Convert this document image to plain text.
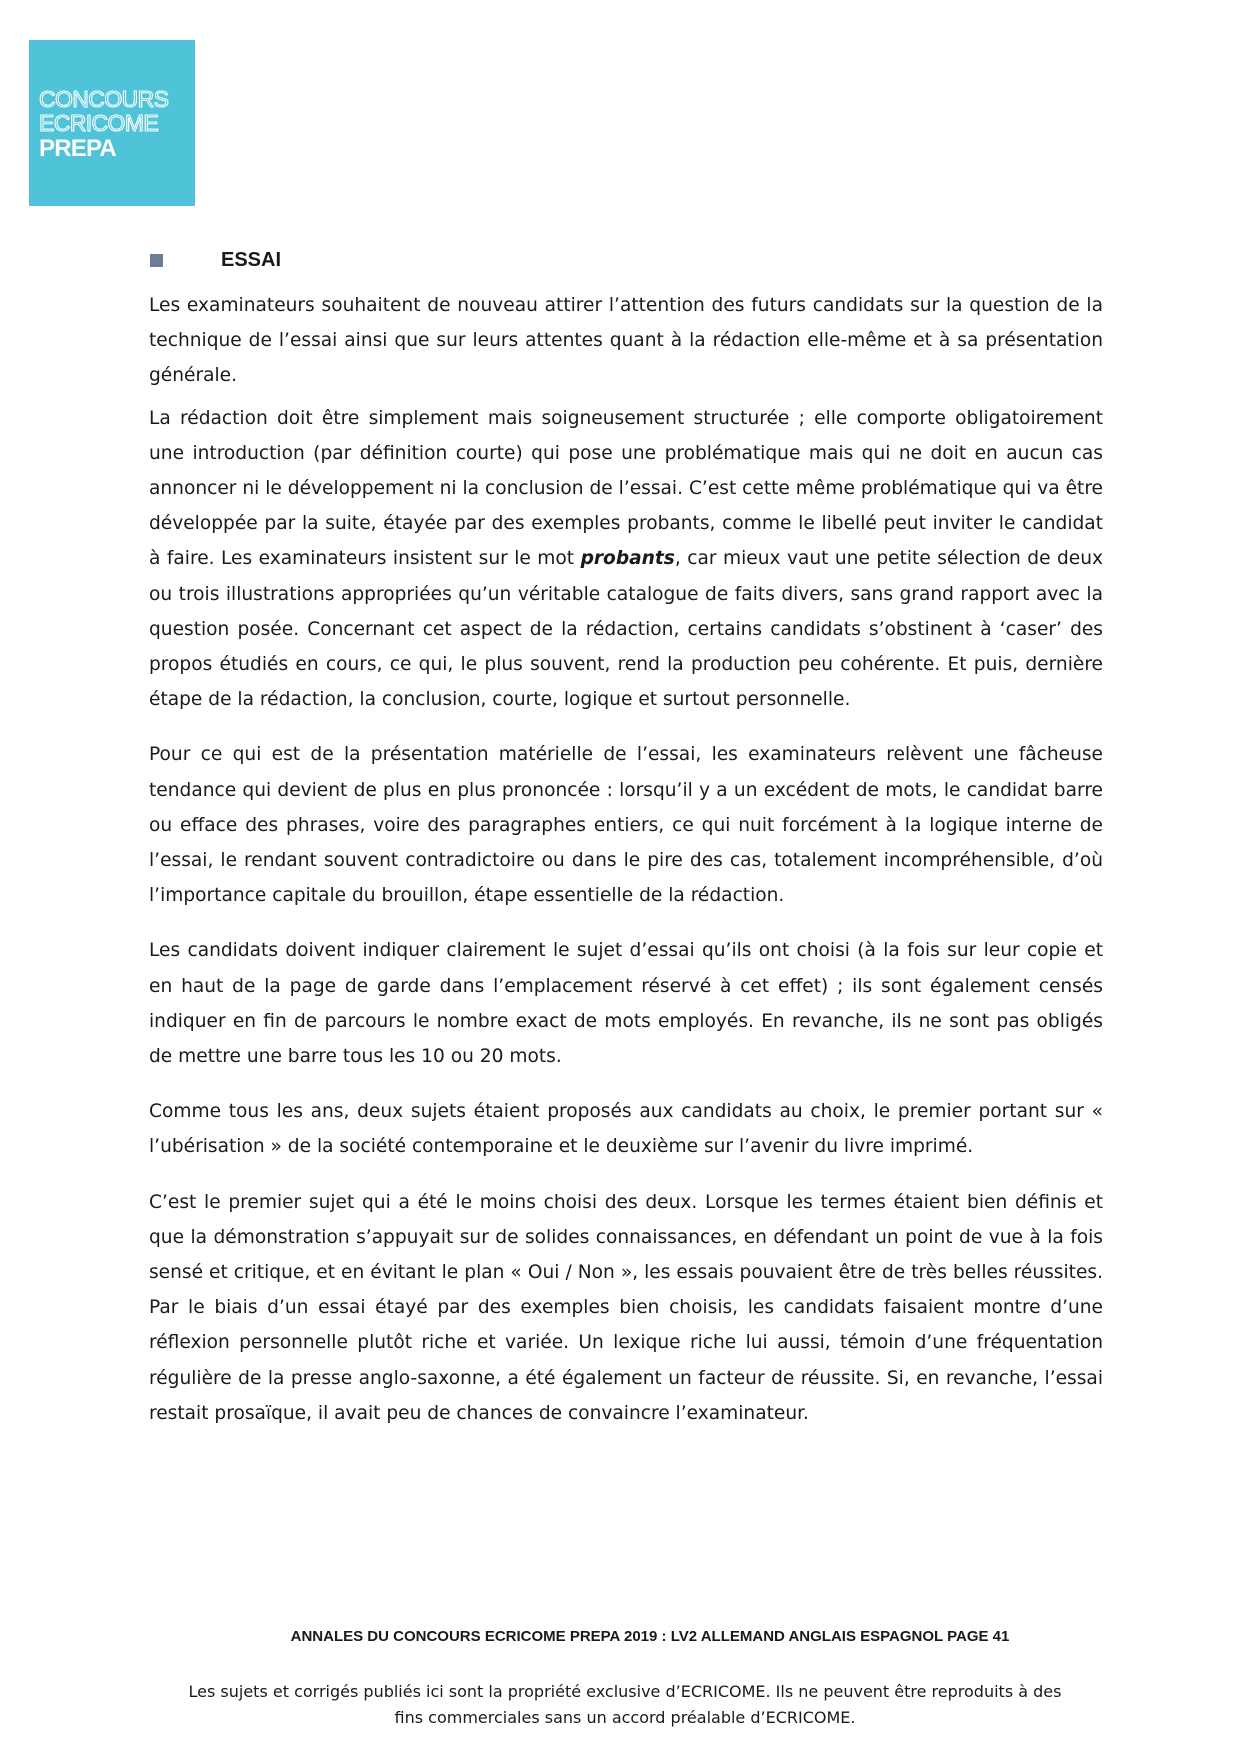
CONCOURS
ECRICOME
PREPA
ESSAI

Les examinateurs souhaitent de nouveau attirer l’attention des futurs candidats sur la question de la technique de l’essai ainsi que sur leurs attentes quant à la rédaction elle-même et à sa présentation générale.

La rédaction doit être simplement mais soigneusement structurée ; elle comporte obligatoirement une introduction (par définition courte) qui pose une problématique mais qui ne doit en aucun cas annoncer ni le développement ni la conclusion de l’essai. C’est cette même problématique qui va être développée par la suite, étayée par des exemples probants, comme le libellé peut inviter le candidat à faire. Les examinateurs insistent sur le mot probants, car mieux vaut une petite sélection de deux ou trois illustrations appropriées qu’un véritable catalogue de faits divers, sans grand rapport avec la question posée. Concernant cet aspect de la rédaction, certains candidats s’obstinent à ‘caser’ des propos étudiés en cours, ce qui, le plus souvent, rend la production peu cohérente. Et puis, dernière étape de la rédaction, la conclusion, courte, logique et surtout personnelle.

Pour ce qui est de la présentation matérielle de l’essai, les examinateurs relèvent une fâcheuse tendance qui devient de plus en plus prononcée : lorsqu’il y a un excédent de mots, le candidat barre ou efface des phrases, voire des paragraphes entiers, ce qui nuit forcément à la logique interne de l’essai, le rendant souvent contradictoire ou dans le pire des cas, totalement incompréhensible, d’où l’importance capitale du brouillon, étape essentielle de la rédaction.

Les candidats doivent indiquer clairement le sujet d’essai qu’ils ont choisi (à la fois sur leur copie et en haut de la page de garde dans l’emplacement réservé à cet effet) ; ils sont également censés indiquer en fin de parcours le nombre exact de mots employés. En revanche, ils ne sont pas obligés de mettre une barre tous les 10 ou 20 mots.

Comme tous les ans, deux sujets étaient proposés aux candidats au choix, le premier portant sur « l’ubérisation » de la société contemporaine et le deuxième sur l’avenir du livre imprimé.

C’est le premier sujet qui a été le moins choisi des deux. Lorsque les termes étaient bien définis et que la démonstration s’appuyait sur de solides connaissances, en défendant un point de vue à la fois sensé et critique, et en évitant le plan « Oui / Non », les essais pouvaient être de très belles réussites. Par le biais d’un essai étayé par des exemples bien choisis, les candidats faisaient montre d’une réflexion personnelle plutôt riche et variée. Un lexique riche lui aussi, témoin d’une fréquentation régulière de la presse anglo-saxonne, a été également un facteur de réussite. Si, en revanche, l’essai restait prosaïque, il avait peu de chances de convaincre l’examinateur.

ANNALES DU CONCOURS ECRICOME PREPA 2019 : LV2 ALLEMAND ANGLAIS ESPAGNOL PAGE 41
Les sujets et corrigés publiés ici sont la propriété exclusive d’ECRICOME. Ils ne peuvent être reproduits à des
fins commerciales sans un accord préalable d’ECRICOME.
